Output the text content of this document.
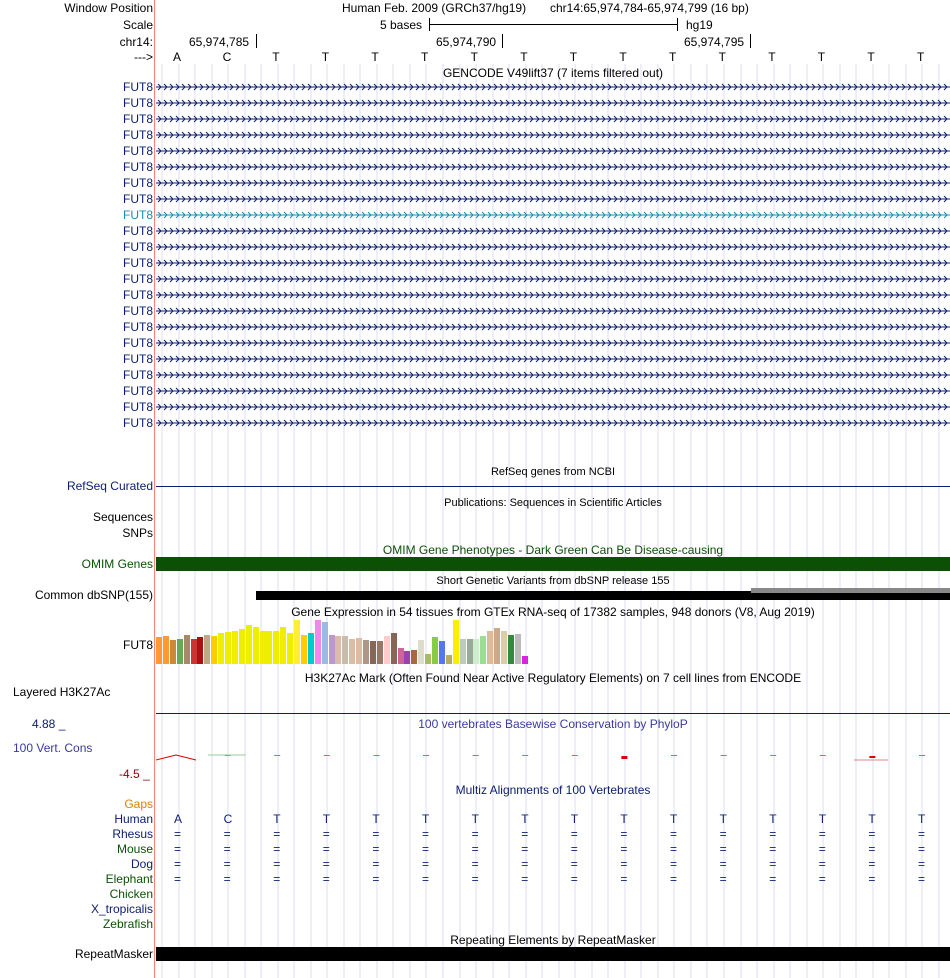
Window Position	Human Feb. 2009 (GRCh37/hg19) chr14:65,974,784-65,974,799 (16 bp)
Scale	5 bases	hg19
chr14:	65,974,785	65,974,790	65,974,795
---> A	C	T	T	T	T	T	T	T	T	T	T	T	T	T	T
GENCODE V49lift37 (7 items filtered out)
FUT8
FUT8
FUT8
FUT8
FUT8
FUT8
FUT8
FUT8
FUT8
FUT8
FUT8
FUT8
FUT8
FUT8
FUT8
FUT8
FUT8
FUT8
FUT8
FUT8
FUT8
FUT8
RefSeq genes from NCBI
RefSeq Curated
Publications: Sequences in Scientific Articles
Sequences
SNPs
OMIM Gene Phenotypes - Dark Green Can Be Disease-causing
OMIM Genes
Short Genetic Variants from dbSNP release 155
Common dbSNP(155)
Gene Expression in 54 tissues from GTEx RNA-seq of 17382 samples, 948 donors (V8, Aug 2019)
FUT8
H3K27Ac Mark (Often Found Near Active Regulatory Elements) on 7 cell lines from ENCODE
Layered H3K27Ac
100 vertebrates Basewise Conservation by PhyloP
4.88 _
100 Vert. Cons
-4.5 _
Multiz Alignments of 100 Vertebrates
Gaps
Human A	C	T	T	T	T	T	T	T	T	T	T	T	T	T	T
Rhesus =	=	=	=	=	=	=	=	=	=	=	=	=	=	=	=
Mouse =	=	=	=	=	=	=	=	=	=	=	=	=	=	=	=
Dog =	=	=	=	=	=	=	=	=	=	=	=	=	=	=	=
Elephant =	=	=	=	=	=	=	=	=	=	=	=	=	=	=	=
Chicken
X_tropicalis
Zebrafish
Repeating Elements by RepeatMasker
RepeatMasker
